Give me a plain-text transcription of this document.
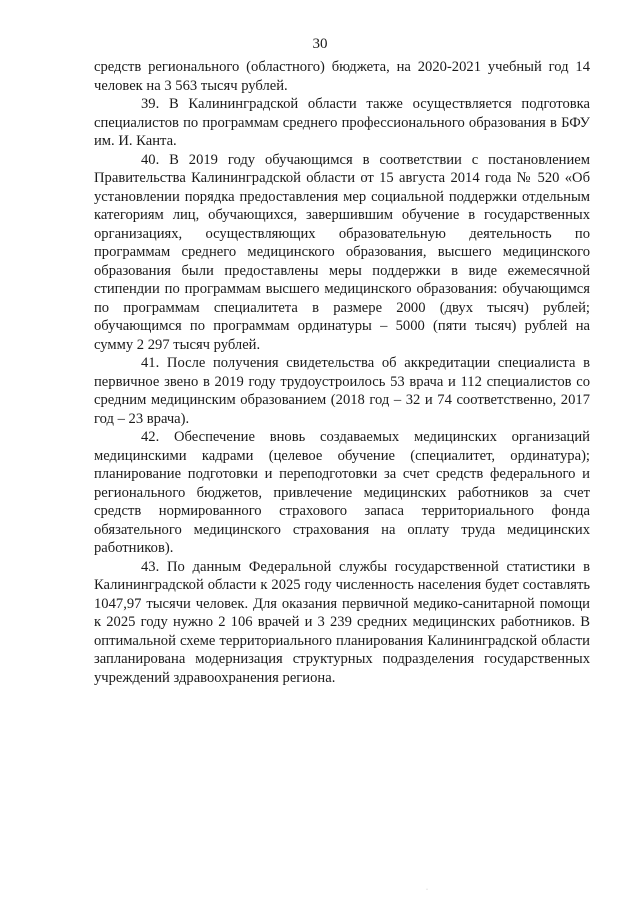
30

средств регионального (областного) бюджета, на 2020-2021 учебный год 14 человек на 3 563 тысяч рублей.

39. В Калининградской области также осуществляется подготовка специалистов по программам среднего профессионального образования в БФУ им. И. Канта.

40. В 2019 году обучающимся в соответствии с постановлением Правительства Калининградской области от 15 августа 2014 года № 520 «Об установлении порядка предоставления мер социальной поддержки отдельным категориям лиц, обучающихся, завершившим обучение в государственных организациях, осуществляющих образовательную деятельность по программам среднего медицинского образования, высшего медицинского образования были предоставлены меры поддержки в виде ежемесячной стипендии по программам высшего медицинского образования: обучающимся по программам специалитета в размере 2000 (двух тысяч) рублей; обучающимся по программам ординатуры – 5000 (пяти тысяч) рублей на сумму 2 297 тысяч рублей.

41. После получения свидетельства об аккредитации специалиста в первичное звено в 2019 году трудоустроилось 53 врача и 112 специалистов со средним медицинским образованием (2018 год – 32 и 74 соответственно, 2017 год – 23 врача).

42. Обеспечение вновь создаваемых медицинских организаций медицинскими кадрами (целевое обучение (специалитет, ординатура); планирование подготовки и переподготовки за счет средств федерального и регионального бюджетов, привлечение медицинских работников за счет средств нормированного страхового запаса территориального фонда обязательного медицинского страхования на оплату труда медицинских работников).

43. По данным Федеральной службы государственной статистики в Калининградской области к 2025 году численность населения будет составлять 1047,97 тысячи человек. Для оказания первичной медико-санитарной помощи к 2025 году нужно 2 106 врачей и 3 239 средних медицинских работников. В оптимальной схеме территориального планирования Калининградской области запланирована модернизация структурных подразделения государственных учреждений здравоохранения региона.

·
